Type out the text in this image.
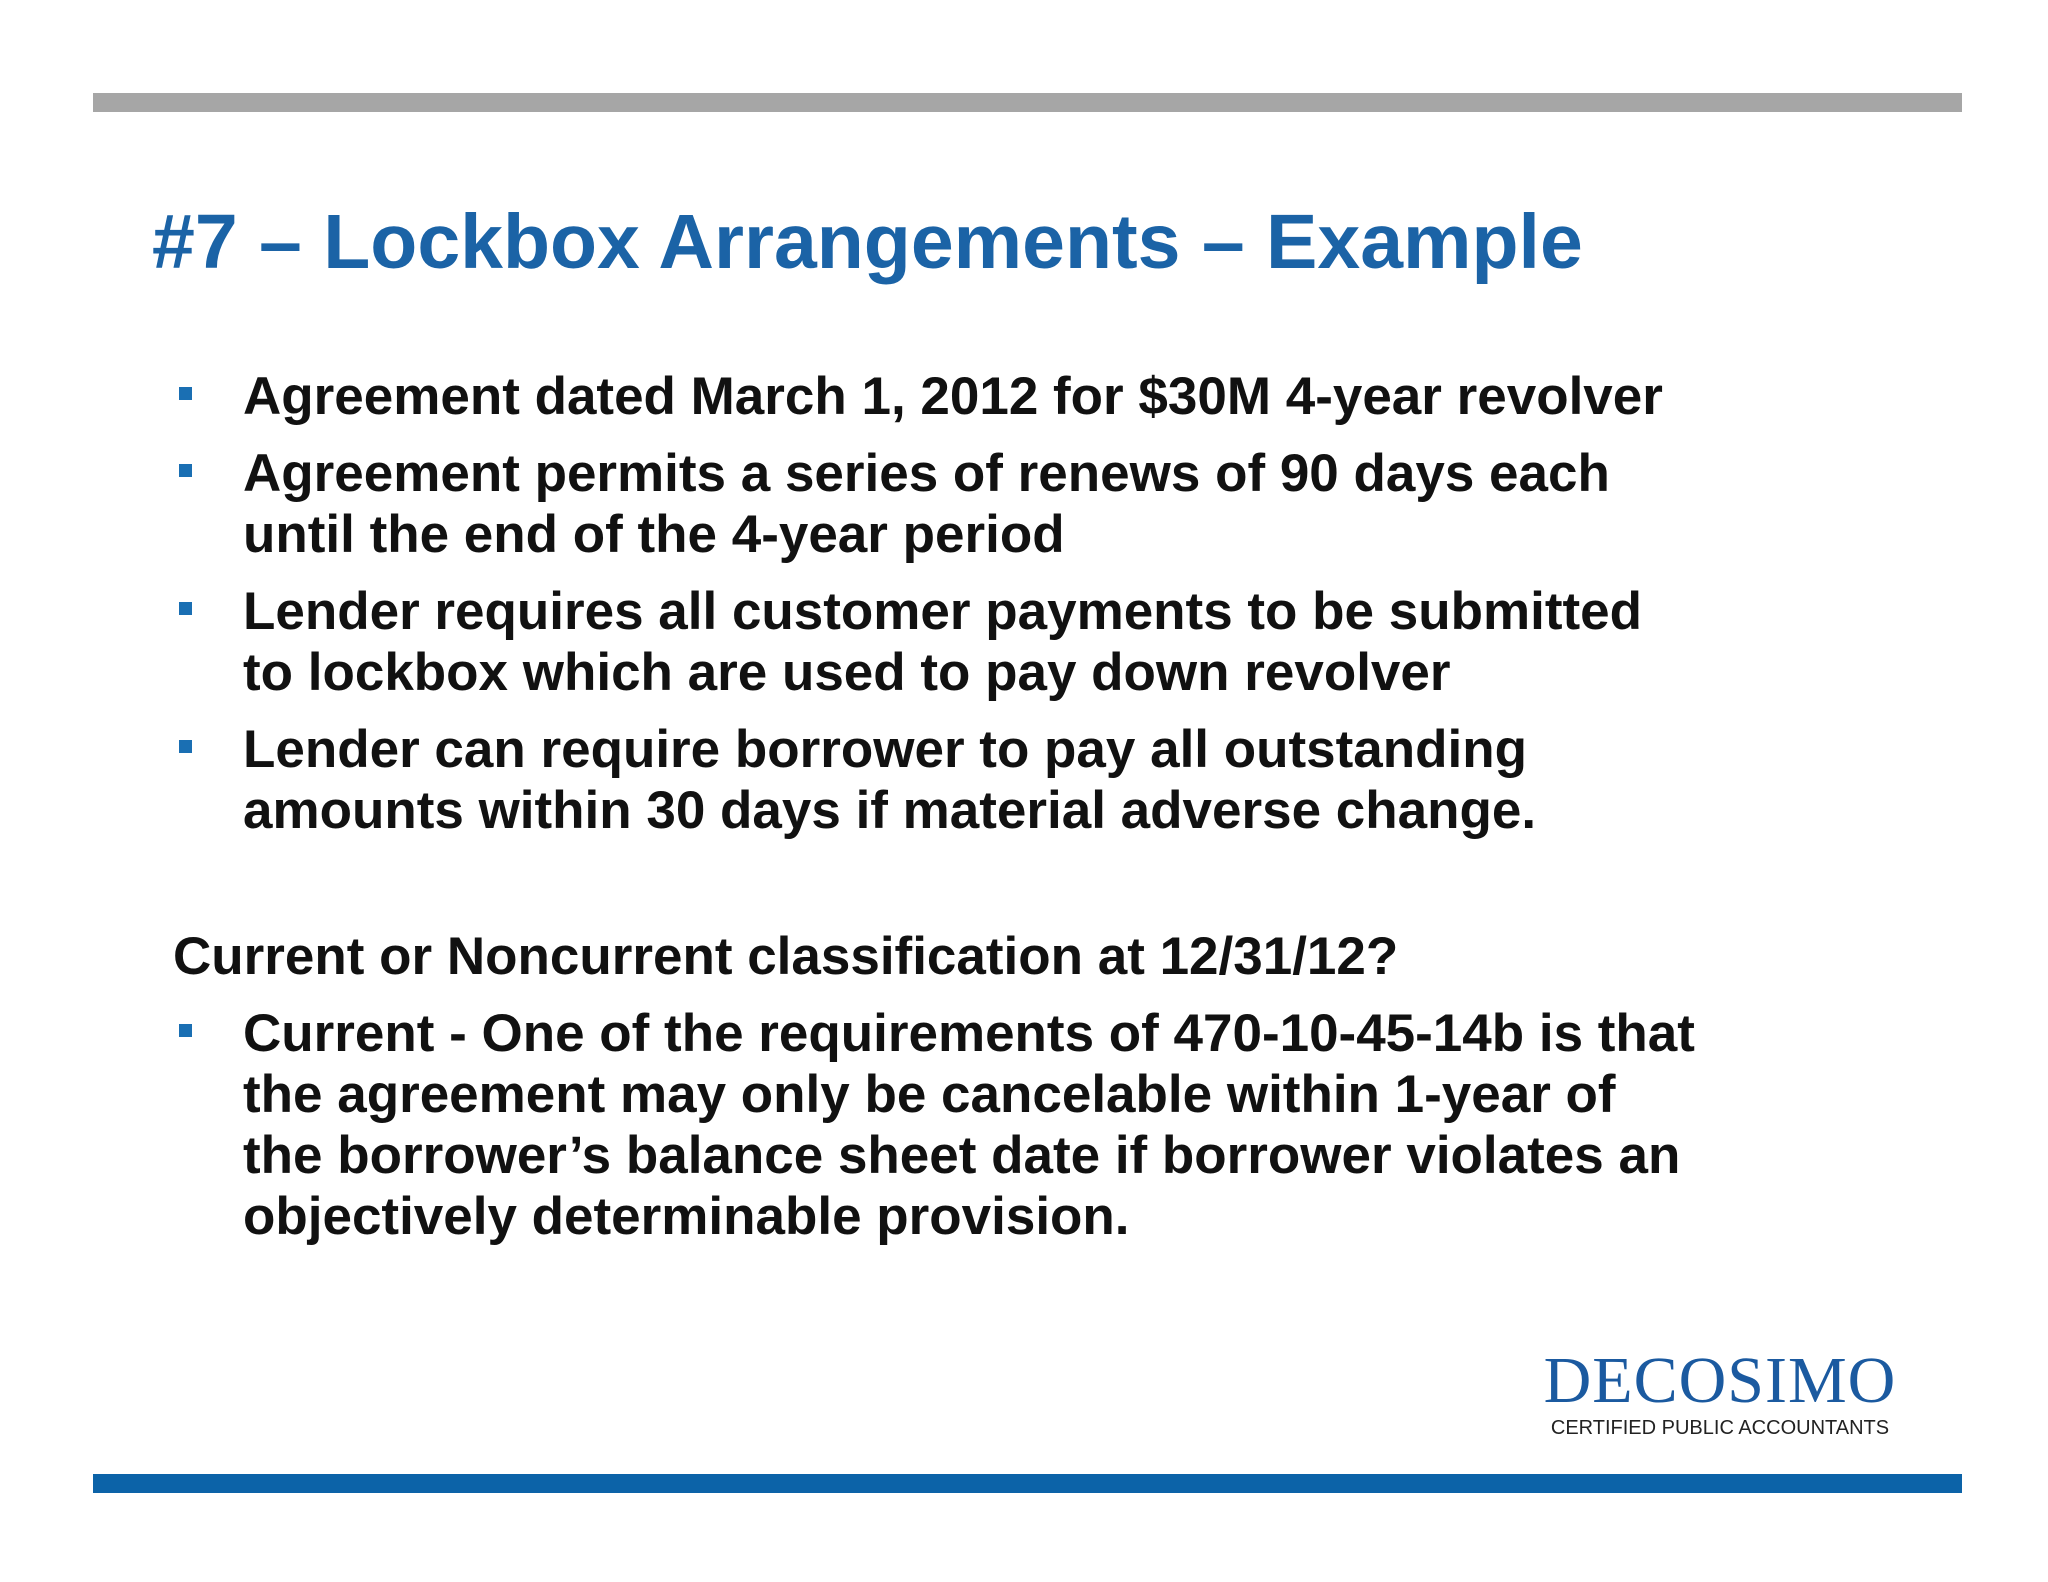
#7 – Lockbox Arrangements – Example
Agreement dated March 1, 2012 for $30M 4-year revolver
Agreement permits a series of renews of 90 days each
until the end of the 4-year period
Lender requires all customer payments to be submitted
to lockbox which are used to pay down revolver
Lender can require borrower to pay all outstanding
amounts within 30 days if material adverse change.

Current or Noncurrent classification at 12/31/12?

Current - One of the requirements of 470-10-45-14b is that
the agreement may only be cancelable within 1-year of
the borrower’s balance sheet date if borrower violates an
objectively determinable provision.
DECOSIMO
CERTIFIED PUBLIC ACCOUNTANTS
